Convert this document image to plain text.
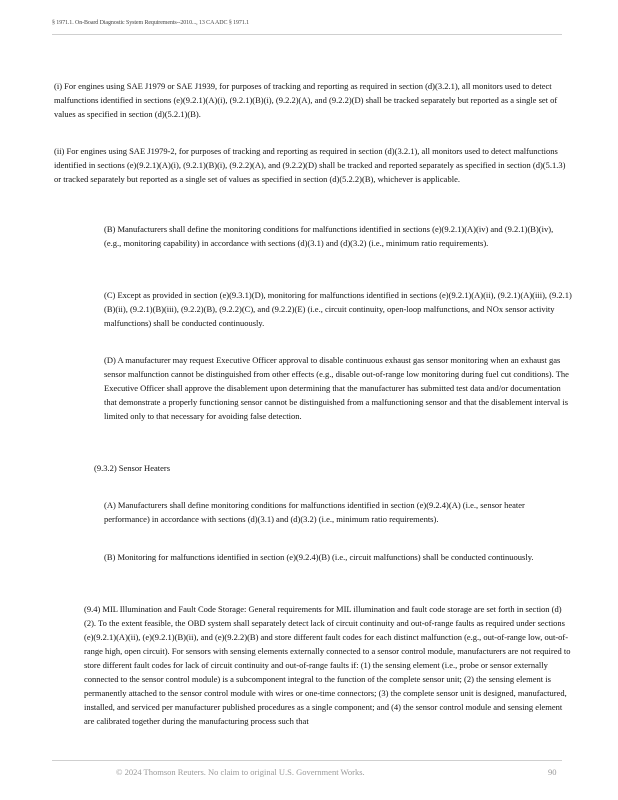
§ 1971.1. On-Board Diagnostic System Requirements--2010..., 13 CA ADC § 1971.1
(i) For engines using SAE J1979 or SAE J1939, for purposes of tracking and reporting as required in section (d)(3.2.1), all monitors used to detect malfunctions identified in sections (e)(9.2.1)(A)(i), (9.2.1)(B)(i), (9.2.2)(A), and (9.2.2)(D) shall be tracked separately but reported as a single set of values as specified in section (d)(5.2.1)(B).
(ii) For engines using SAE J1979-2, for purposes of tracking and reporting as required in section (d)(3.2.1), all monitors used to detect malfunctions identified in sections (e)(9.2.1)(A)(i), (9.2.1)(B)(i), (9.2.2)(A), and (9.2.2)(D) shall be tracked and reported separately as specified in section (d)(5.1.3) or tracked separately but reported as a single set of values as specified in section (d)(5.2.2)(B), whichever is applicable.
(B) Manufacturers shall define the monitoring conditions for malfunctions identified in sections (e)(9.2.1)(A)(iv) and (9.2.1)(B)(iv), (e.g., monitoring capability) in accordance with sections (d)(3.1) and (d)(3.2) (i.e., minimum ratio requirements).
(C) Except as provided in section (e)(9.3.1)(D), monitoring for malfunctions identified in sections (e)(9.2.1)(A)(ii), (9.2.1)(A)(iii), (9.2.1)(B)(ii), (9.2.1)(B)(iii), (9.2.2)(B), (9.2.2)(C), and (9.2.2)(E) (i.e., circuit continuity, open-loop malfunctions, and NOx sensor activity malfunctions) shall be conducted continuously.
(D) A manufacturer may request Executive Officer approval to disable continuous exhaust gas sensor monitoring when an exhaust gas sensor malfunction cannot be distinguished from other effects (e.g., disable out-of-range low monitoring during fuel cut conditions). The Executive Officer shall approve the disablement upon determining that the manufacturer has submitted test data and/or documentation that demonstrate a properly functioning sensor cannot be distinguished from a malfunctioning sensor and that the disablement interval is limited only to that necessary for avoiding false detection.
(9.3.2) Sensor Heaters
(A) Manufacturers shall define monitoring conditions for malfunctions identified in section (e)(9.2.4)(A) (i.e., sensor heater performance) in accordance with sections (d)(3.1) and (d)(3.2) (i.e., minimum ratio requirements).
(B) Monitoring for malfunctions identified in section (e)(9.2.4)(B) (i.e., circuit malfunctions) shall be conducted continuously.
(9.4) MIL Illumination and Fault Code Storage: General requirements for MIL illumination and fault code storage are set forth in section (d)(2). To the extent feasible, the OBD system shall separately detect lack of circuit continuity and out-of-range faults as required under sections (e)(9.2.1)(A)(ii), (e)(9.2.1)(B)(ii), and (e)(9.2.2)(B) and store different fault codes for each distinct malfunction (e.g., out-of-range low, out-of-range high, open circuit). For sensors with sensing elements externally connected to a sensor control module, manufacturers are not required to store different fault codes for lack of circuit continuity and out-of-range faults if: (1) the sensing element (i.e., probe or sensor externally connected to the sensor control module) is a subcomponent integral to the function of the complete sensor unit; (2) the sensing element is permanently attached to the sensor control module with wires or one-time connectors; (3) the complete sensor unit is designed, manufactured, installed, and serviced per manufacturer published procedures as a single component; and (4) the sensor control module and sensing element are calibrated together during the manufacturing process such that
© 2024 Thomson Reuters. No claim to original U.S. Government Works.	90
